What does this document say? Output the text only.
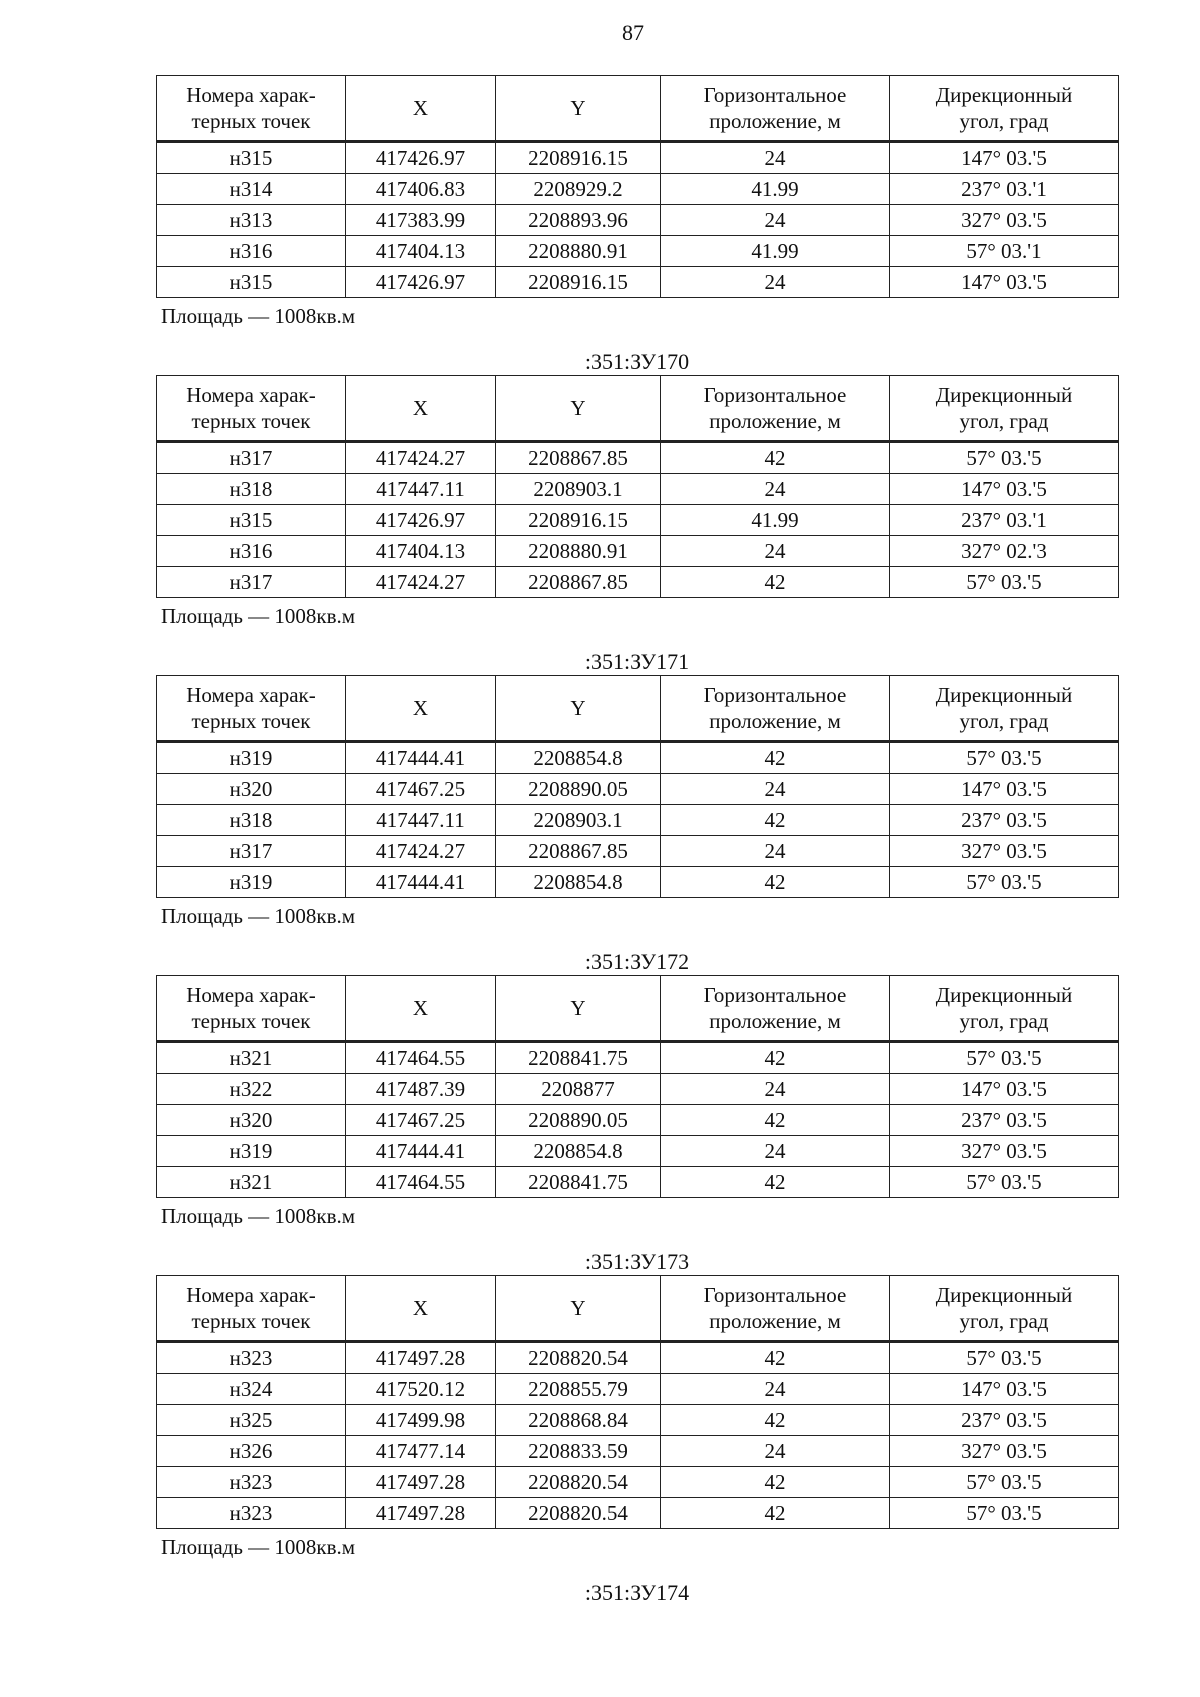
87
Номера харак-
терных точек	X	Y	Горизонтальное
проложение, м	Дирекционный
угол, град
н315	417426.97	2208916.15	24	147° 03.'5
н314	417406.83	2208929.2	41.99	237° 03.'1
н313	417383.99	2208893.96	24	327° 03.'5
н316	417404.13	2208880.91	41.99	57° 03.'1
н315	417426.97	2208916.15	24	147° 03.'5
Площадь — 1008кв.м
:351:ЗУ170
Номера харак-
терных точек	X	Y	Горизонтальное
проложение, м	Дирекционный
угол, град
н317	417424.27	2208867.85	42	57° 03.'5
н318	417447.11	2208903.1	24	147° 03.'5
н315	417426.97	2208916.15	41.99	237° 03.'1
н316	417404.13	2208880.91	24	327° 02.'3
н317	417424.27	2208867.85	42	57° 03.'5
Площадь — 1008кв.м
:351:ЗУ171
Номера харак-
терных точек	X	Y	Горизонтальное
проложение, м	Дирекционный
угол, град
н319	417444.41	2208854.8	42	57° 03.'5
н320	417467.25	2208890.05	24	147° 03.'5
н318	417447.11	2208903.1	42	237° 03.'5
н317	417424.27	2208867.85	24	327° 03.'5
н319	417444.41	2208854.8	42	57° 03.'5
Площадь — 1008кв.м
:351:ЗУ172
Номера харак-
терных точек	X	Y	Горизонтальное
проложение, м	Дирекционный
угол, град
н321	417464.55	2208841.75	42	57° 03.'5
н322	417487.39	2208877	24	147° 03.'5
н320	417467.25	2208890.05	42	237° 03.'5
н319	417444.41	2208854.8	24	327° 03.'5
н321	417464.55	2208841.75	42	57° 03.'5
Площадь — 1008кв.м
:351:ЗУ173
Номера харак-
терных точек	X	Y	Горизонтальное
проложение, м	Дирекционный
угол, град
н323	417497.28	2208820.54	42	57° 03.'5
н324	417520.12	2208855.79	24	147° 03.'5
н325	417499.98	2208868.84	42	237° 03.'5
н326	417477.14	2208833.59	24	327° 03.'5
н323	417497.28	2208820.54	42	57° 03.'5
н323	417497.28	2208820.54	42	57° 03.'5
Площадь — 1008кв.м
:351:ЗУ174
